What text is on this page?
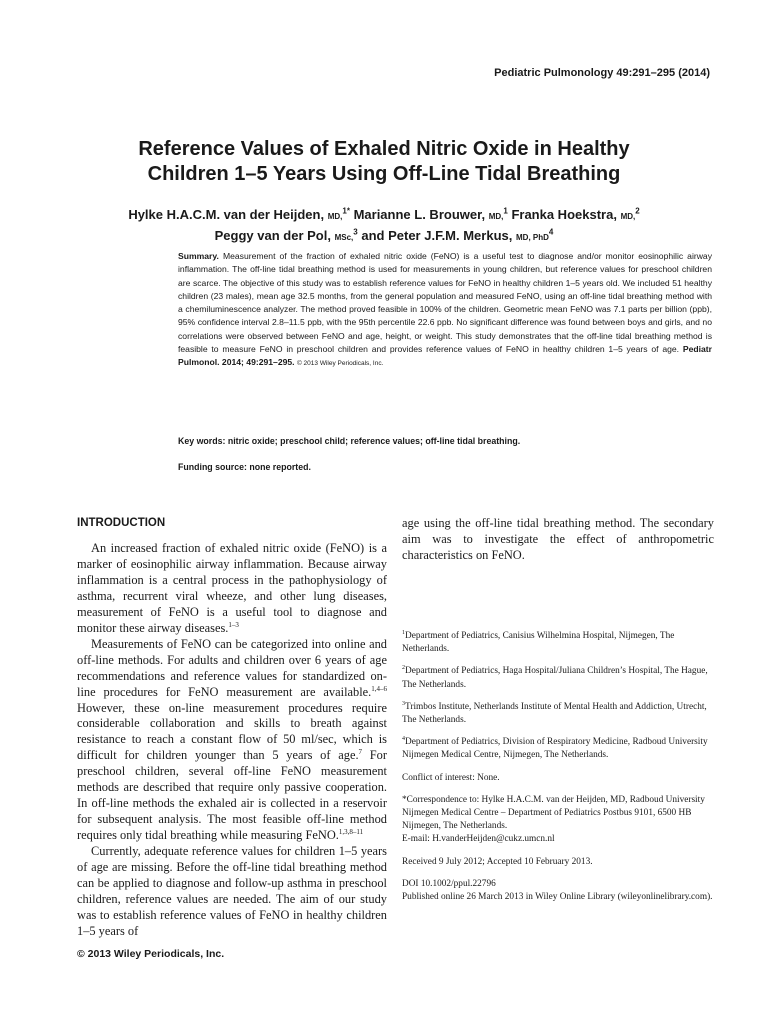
Pediatric Pulmonology 49:291–295 (2014)
Reference Values of Exhaled Nitric Oxide in Healthy
Children 1–5 Years Using Off-Line Tidal Breathing
Hylke H.A.C.M. van der Heijden, MD,$^{1*}$ Marianne L. Brouwer, MD,$^1$ Franka Hoekstra, MD,$^2$
Peggy van der Pol, MSc,$^3$ and Peter J.F.M. Merkus, MD, PhD$^4$
Summary. Measurement of the fraction of exhaled nitric oxide (FeNO) is a useful test to diagnose and/or monitor eosinophilic airway inflammation. The off-line tidal breathing method is used for measurements in young children, but reference values for preschool children are scarce. The objective of this study was to establish reference values for FeNO in healthy children 1–5 years old. We included 51 healthy children (23 males), mean age 32.5 months, from the general population and measured FeNO, using an off-line tidal breathing method with a chemiluminescence analyzer. The method proved feasible in 100% of the children. Geometric mean FeNO was 7.1 parts per billion (ppb), 95% confidence interval 2.8–11.5 ppb, with the 95th percentile 22.6 ppb. No significant difference was found between boys and girls, and no correlations were observed between FeNO and age, height, or weight. This study demonstrates that the off-line tidal breathing method is feasible to measure FeNO in preschool children and provides reference values of FeNO in healthy children 1–5 years of age. Pediatr Pulmonol. 2014; 49:291–295. © 2013 Wiley Periodicals, Inc.
Key words: nitric oxide; preschool child; reference values; off-line tidal breathing.
Funding source: none reported.
INTRODUCTION

An increased fraction of exhaled nitric oxide (FeNO) is a marker of eosinophilic airway inflammation. Because airway inflammation is a central process in the pathophysiology of asthma, recurrent viral wheeze, and other lung diseases, measurement of FeNO is a useful tool to diagnose and monitor these airway diseases.$^{1-3}$

Measurements of FeNO can be categorized into online and off-line methods. For adults and children over 6 years of age recommendations and reference values for standardized on-line procedures for FeNO measurement are available.$^{1,4-6}$ However, these on-line measurement procedures require considerable collaboration and skills to breath against resistance to reach a constant flow of 50 ml/sec, which is difficult for children younger than 5 years of age.$^7$ For preschool children, several off-line FeNO measurement methods are described that require only passive cooperation. In off-line methods the exhaled air is collected in a reservoir for subsequent analysis. The most feasible off-line method requires only tidal breathing while measuring FeNO.$^{1,3,8-11}$

Currently, adequate reference values for children 1–5 years of age are missing. Before the off-line tidal breathing method can be applied to diagnose and follow-up asthma in preschool children, reference values are needed. The aim of our study was to establish reference values of FeNO in healthy children 1–5 years of

age using the off-line tidal breathing method. The secondary aim was to investigate the effect of anthropometric characteristics on FeNO.

$^1$Department of Pediatrics, Canisius Wilhelmina Hospital, Nijmegen, The Netherlands.

$^2$Department of Pediatrics, Haga Hospital/Juliana Children’s Hospital, The Hague, The Netherlands.

$^3$Trimbos Institute, Netherlands Institute of Mental Health and Addiction, Utrecht, The Netherlands.

$^4$Department of Pediatrics, Division of Respiratory Medicine, Radboud University Nijmegen Medical Centre, Nijmegen, The Netherlands.

Conflict of interest: None.

*Correspondence to: Hylke H.A.C.M. van der Heijden, MD, Radboud University Nijmegen Medical Centre – Department of Pediatrics Postbus 9101, 6500 HB Nijmegen, The Netherlands.
E-mail: H.vanderHeijden@cukz.umcn.nl

Received 9 July 2012; Accepted 10 February 2013.

DOI 10.1002/ppul.22796
Published online 26 March 2013 in Wiley Online Library (wileyonlinelibrary.com).

© 2013 Wiley Periodicals, Inc.
